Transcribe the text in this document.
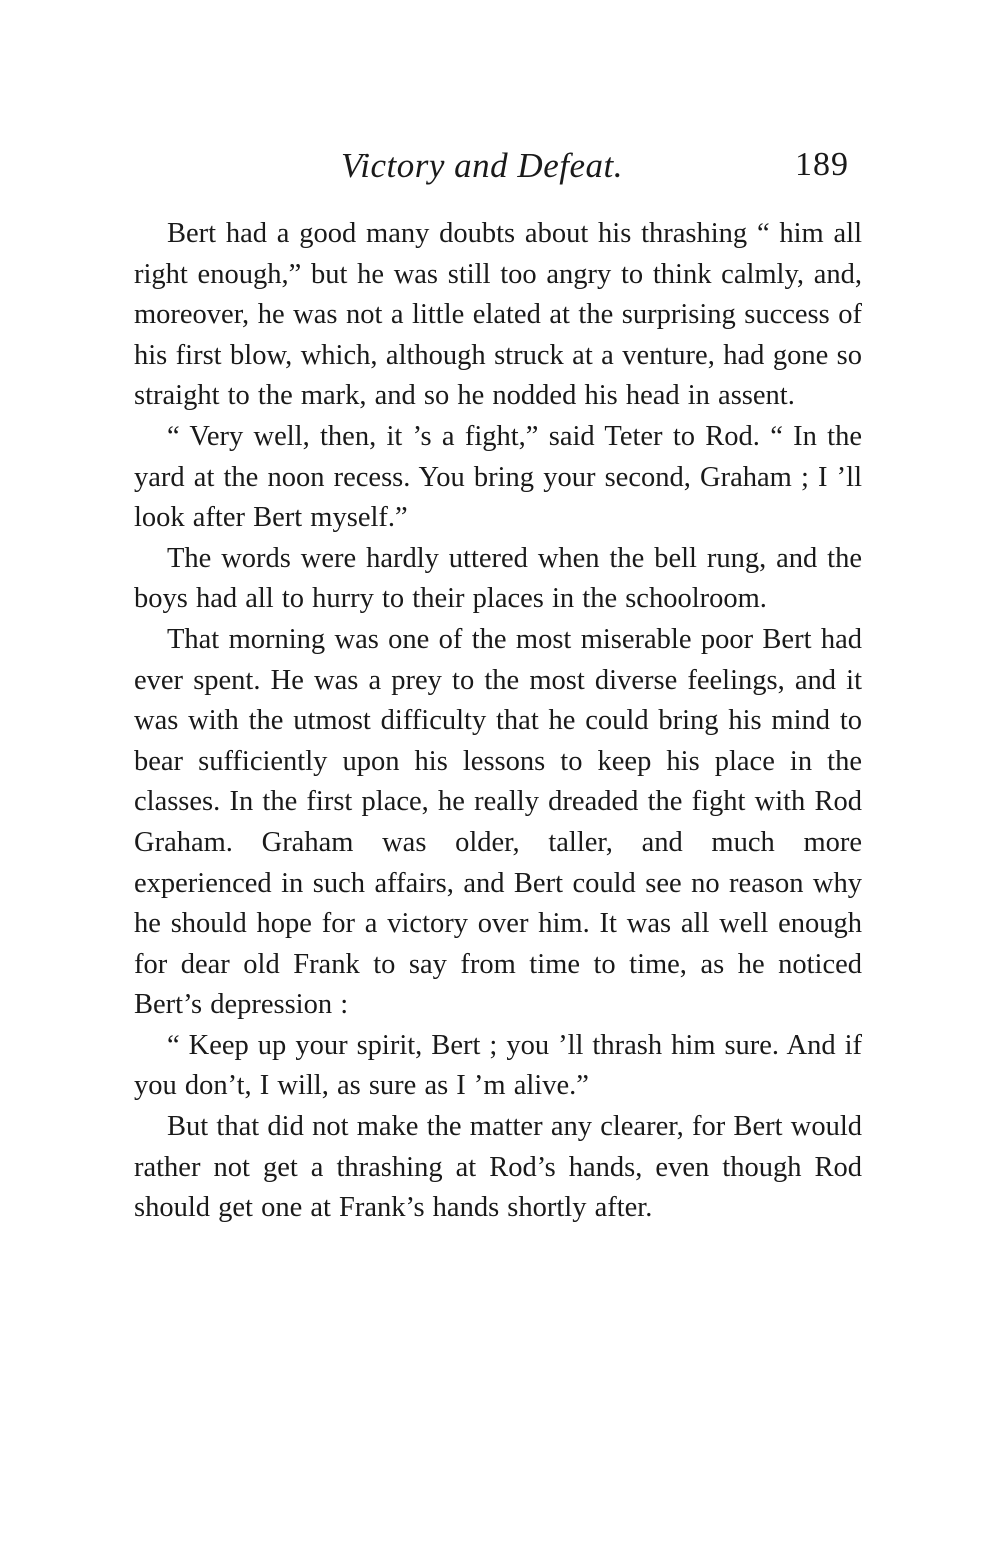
Victory and Defeat.	189

Bert had a good many doubts about his thrashing “ him all right enough,” but he was still too angry to think calmly, and, moreover, he was not a little elated at the surprising success of his first blow, which, although struck at a venture, had gone so straight to the mark, and so he nodded his head in assent.

“ Very well, then, it ’s a fight,” said Teter to Rod. “ In the yard at the noon recess. You bring your second, Graham ; I ’ll look after Bert myself.”

The words were hardly uttered when the bell rung, and the boys had all to hurry to their places in the schoolroom.

That morning was one of the most miserable poor Bert had ever spent. He was a prey to the most diverse feelings, and it was with the utmost difficulty that he could bring his mind to bear sufficiently upon his lessons to keep his place in the classes. In the first place, he really dreaded the fight with Rod Graham. Graham was older, taller, and much more experienced in such affairs, and Bert could see no reason why he should hope for a victory over him. It was all well enough for dear old Frank to say from time to time, as he noticed Bert’s depression :

“ Keep up your spirit, Bert ; you ’ll thrash him sure. And if you don’t, I will, as sure as I ’m alive.”

But that did not make the matter any clearer, for Bert would rather not get a thrashing at Rod’s hands, even though Rod should get one at Frank’s hands shortly after.
